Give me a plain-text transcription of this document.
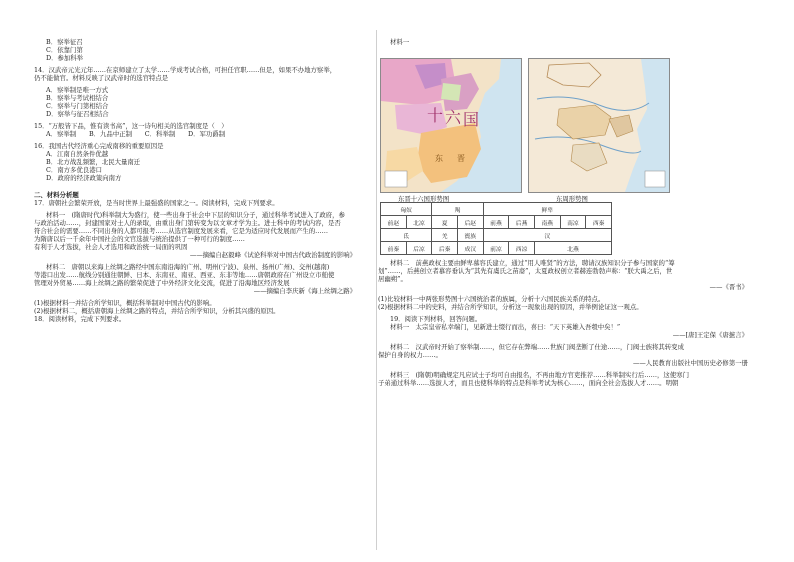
B．察举征召
C．依靠门第
D．参加科举
14．汉武帝元光元年……在京师建立了太学……学成考试合格，可担任官职……但是，如果不办地方察举，
仍不能做官。材料反映了汉武帝时的选官特点是
A．察举制是唯一方式
B．察举与考试相结合
C．察举与门第相结合
D．察举与征召相结合
15．“万般皆下品，惟有读书高”，这一诗句相关的选官制度是（　）
A．察举制　　B．九品中正制　　C．科举制　　D．军功爵制
16．我国古代经济重心完成南移的重要原因是
A．江南自然条件优越
B．北方战乱频繁，北民大量南迁
C．南方多优良港口
D．政府的经济政策向南方
二、材料分析题
17．唐朝社会繁荣开放，是当时世界上最强盛的国家之一。阅读材料，完成下列要求。
材料一　(隋唐时代)科举制大为盛行，使一些出身于社会中下层的知识分子，通过科举考试进入了政府，参
与政治活动……，封建国家对士人的录取，由重出身门第转变为以文章才学为主。进士科中的考试内容，是否
符合社会的需要……不同出身的人都可报考……从选官制度发展来看，它是为适应时代发展而产生的……
为隋唐以后一千余年中国社会的文官选拔与统治提供了一种可行的制度……
有利于人才选拔，社会人才选用和政治统一局面的巩固
——摘编自赵毅峰《试论科举对中国古代政治制度的影响》
材料二　唐朝以来海上丝绸之路经中国东南沿海的广州、明州(宁波)、泉州、扬州(广州)、交州(越南)
等港口出发……航线分别通往朝鲜、日本、东南亚、南亚、西亚、东非等地……唐朝政府在广州设立市舶使
管理对外贸易……海上丝绸之路的繁荣促进了中外经济文化交流，促进了沿海地区经济发展
——摘编自李庆新《海上丝绸之路》
(1)根据材料一并结合所学知识，概括科举制对中国古代的影响。
(2)根据材料二，概括唐朝海上丝绸之路的特点，并结合所学知识，分析其兴盛的原因。
18．阅读材料，完成下列要求。
材料一
十 六 国
东 晋
东晋十六国形势图	东周形势图
匈奴		羯		鲜卑				
前赵	北凉	夏	后赵	前燕	后燕	南燕	南凉	西秦
氐		羌	賨族	汉				
前秦	后凉	后秦	成汉	前凉	西凉	北燕		
材料二　前燕政权主要由鲜卑慕容氏建立，通过“用人唯贤”的方法，聘请汉族知识分子参与国家的“筹
划”……，后燕创立者慕容垂认为“其先有虞氏之苗裔”，太夏政权创立者赫连勃勃声称：“朕大禹之后，世
居幽朔”。
——《晋书》
(1)比较材料一中两张形势图十六国统治者的族属，分析十六国民族关系的特点。
(2)根据材料二中的史料，并结合所学知识，分析这一现象出现的原因，并举例论证这一观点。
19．阅读下列材料，回答问题。
材料一　太宗皇帝私幸端门，见新进士缀行而出，喜曰：“天下英雄入吾彀中矣！”
——[唐]王定保《唐摭言》
材料二　汉武帝时开始了察举制……，但它存在弊端……世族门阀垄断了仕途……，门阀士族将其转变成
保护自身的权力……。
——人民教育出版社中国历史必修第一册
材料三　(隋朝)明确规定凡应试士子均可自由报名，不再由地方官吏推荐……科举制实行后……，这使寒门
子弟通过科举……选拔人才，而且也使科举的特点是科举考试为核心……，面向全社会选拔人才……。明朝
